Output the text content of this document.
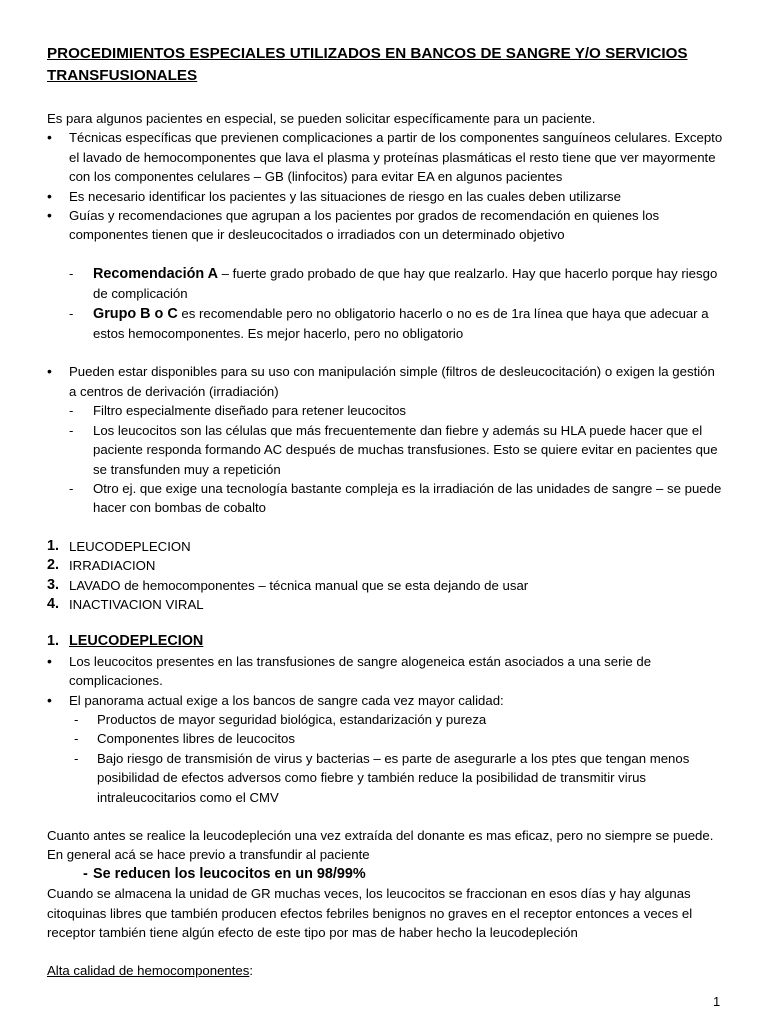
PROCEDIMIENTOS ESPECIALES UTILIZADOS EN BANCOS DE SANGRE Y/O SERVICIOS TRANSFUSIONALES

Es para algunos pacientes en especial, se pueden solicitar específicamente para un paciente.
• Técnicas específicas que previenen complicaciones a partir de los componentes sanguíneos celulares. Excepto el lavado de hemocomponentes que lava el plasma y proteínas plasmáticas el resto tiene que ver mayormente con los componentes celulares – GB (linfocitos) para evitar EA en algunos pacientes
• Es necesario identificar los pacientes y las situaciones de riesgo en las cuales deben utilizarse
• Guías y recomendaciones que agrupan a los pacientes por grados de recomendación en quienes los componentes tienen que ir desleucocitados o irradiados con un determinado objetivo
- Recomendación A – fuerte grado probado de que hay que realzarlo. Hay que hacerlo porque hay riesgo de complicación
- Grupo B o C es recomendable pero no obligatorio hacerlo o no es de 1ra línea que haya que adecuar a estos hemocomponentes. Es mejor hacerlo, pero no obligatorio
• Pueden estar disponibles para su uso con manipulación simple (filtros de desleucocitación) o exigen la gestión a centros de derivación (irradiación)
- Filtro especialmente diseñado para retener leucocitos
- Los leucocitos son las células que más frecuentemente dan fiebre y además su HLA puede hacer que el paciente responda formando AC después de muchas transfusiones. Esto se quiere evitar en pacientes que se transfunden muy a repetición
- Otro ej. que exige una tecnología bastante compleja es la irradiación de las unidades de sangre – se puede hacer con bombas de cobalto
1. LEUCODEPLECION
2. IRRADIACION
3. LAVADO de hemocomponentes – técnica manual que se esta dejando de usar
4. INACTIVACION VIRAL
1. LEUCODEPLECION
• Los leucocitos presentes en las transfusiones de sangre alogeneica están asociados a una serie de complicaciones.
• El panorama actual exige a los bancos de sangre cada vez mayor calidad:
- Productos de mayor seguridad biológica, estandarización y pureza
- Componentes libres de leucocitos
- Bajo riesgo de transmisión de virus y bacterias – es parte de asegurarle a los ptes que tengan menos posibilidad de efectos adversos como fiebre y también reduce la posibilidad de transmitir virus intraleucocitarios como el CMV
Cuanto antes se realice la leucodepleción una vez extraída del donante es mas eficaz, pero no siempre se puede. En general acá se hace previo a transfundir al paciente
- Se reducen los leucocitos en un 98/99%
Cuando se almacena la unidad de GR muchas veces, los leucocitos se fraccionan en esos días y hay algunas citoquinas libres que también producen efectos febriles benignos no graves en el receptor entonces a veces el receptor también tiene algún efecto de este tipo por mas de haber hecho la leucodepleción
Alta calidad de hemocomponentes:
1
